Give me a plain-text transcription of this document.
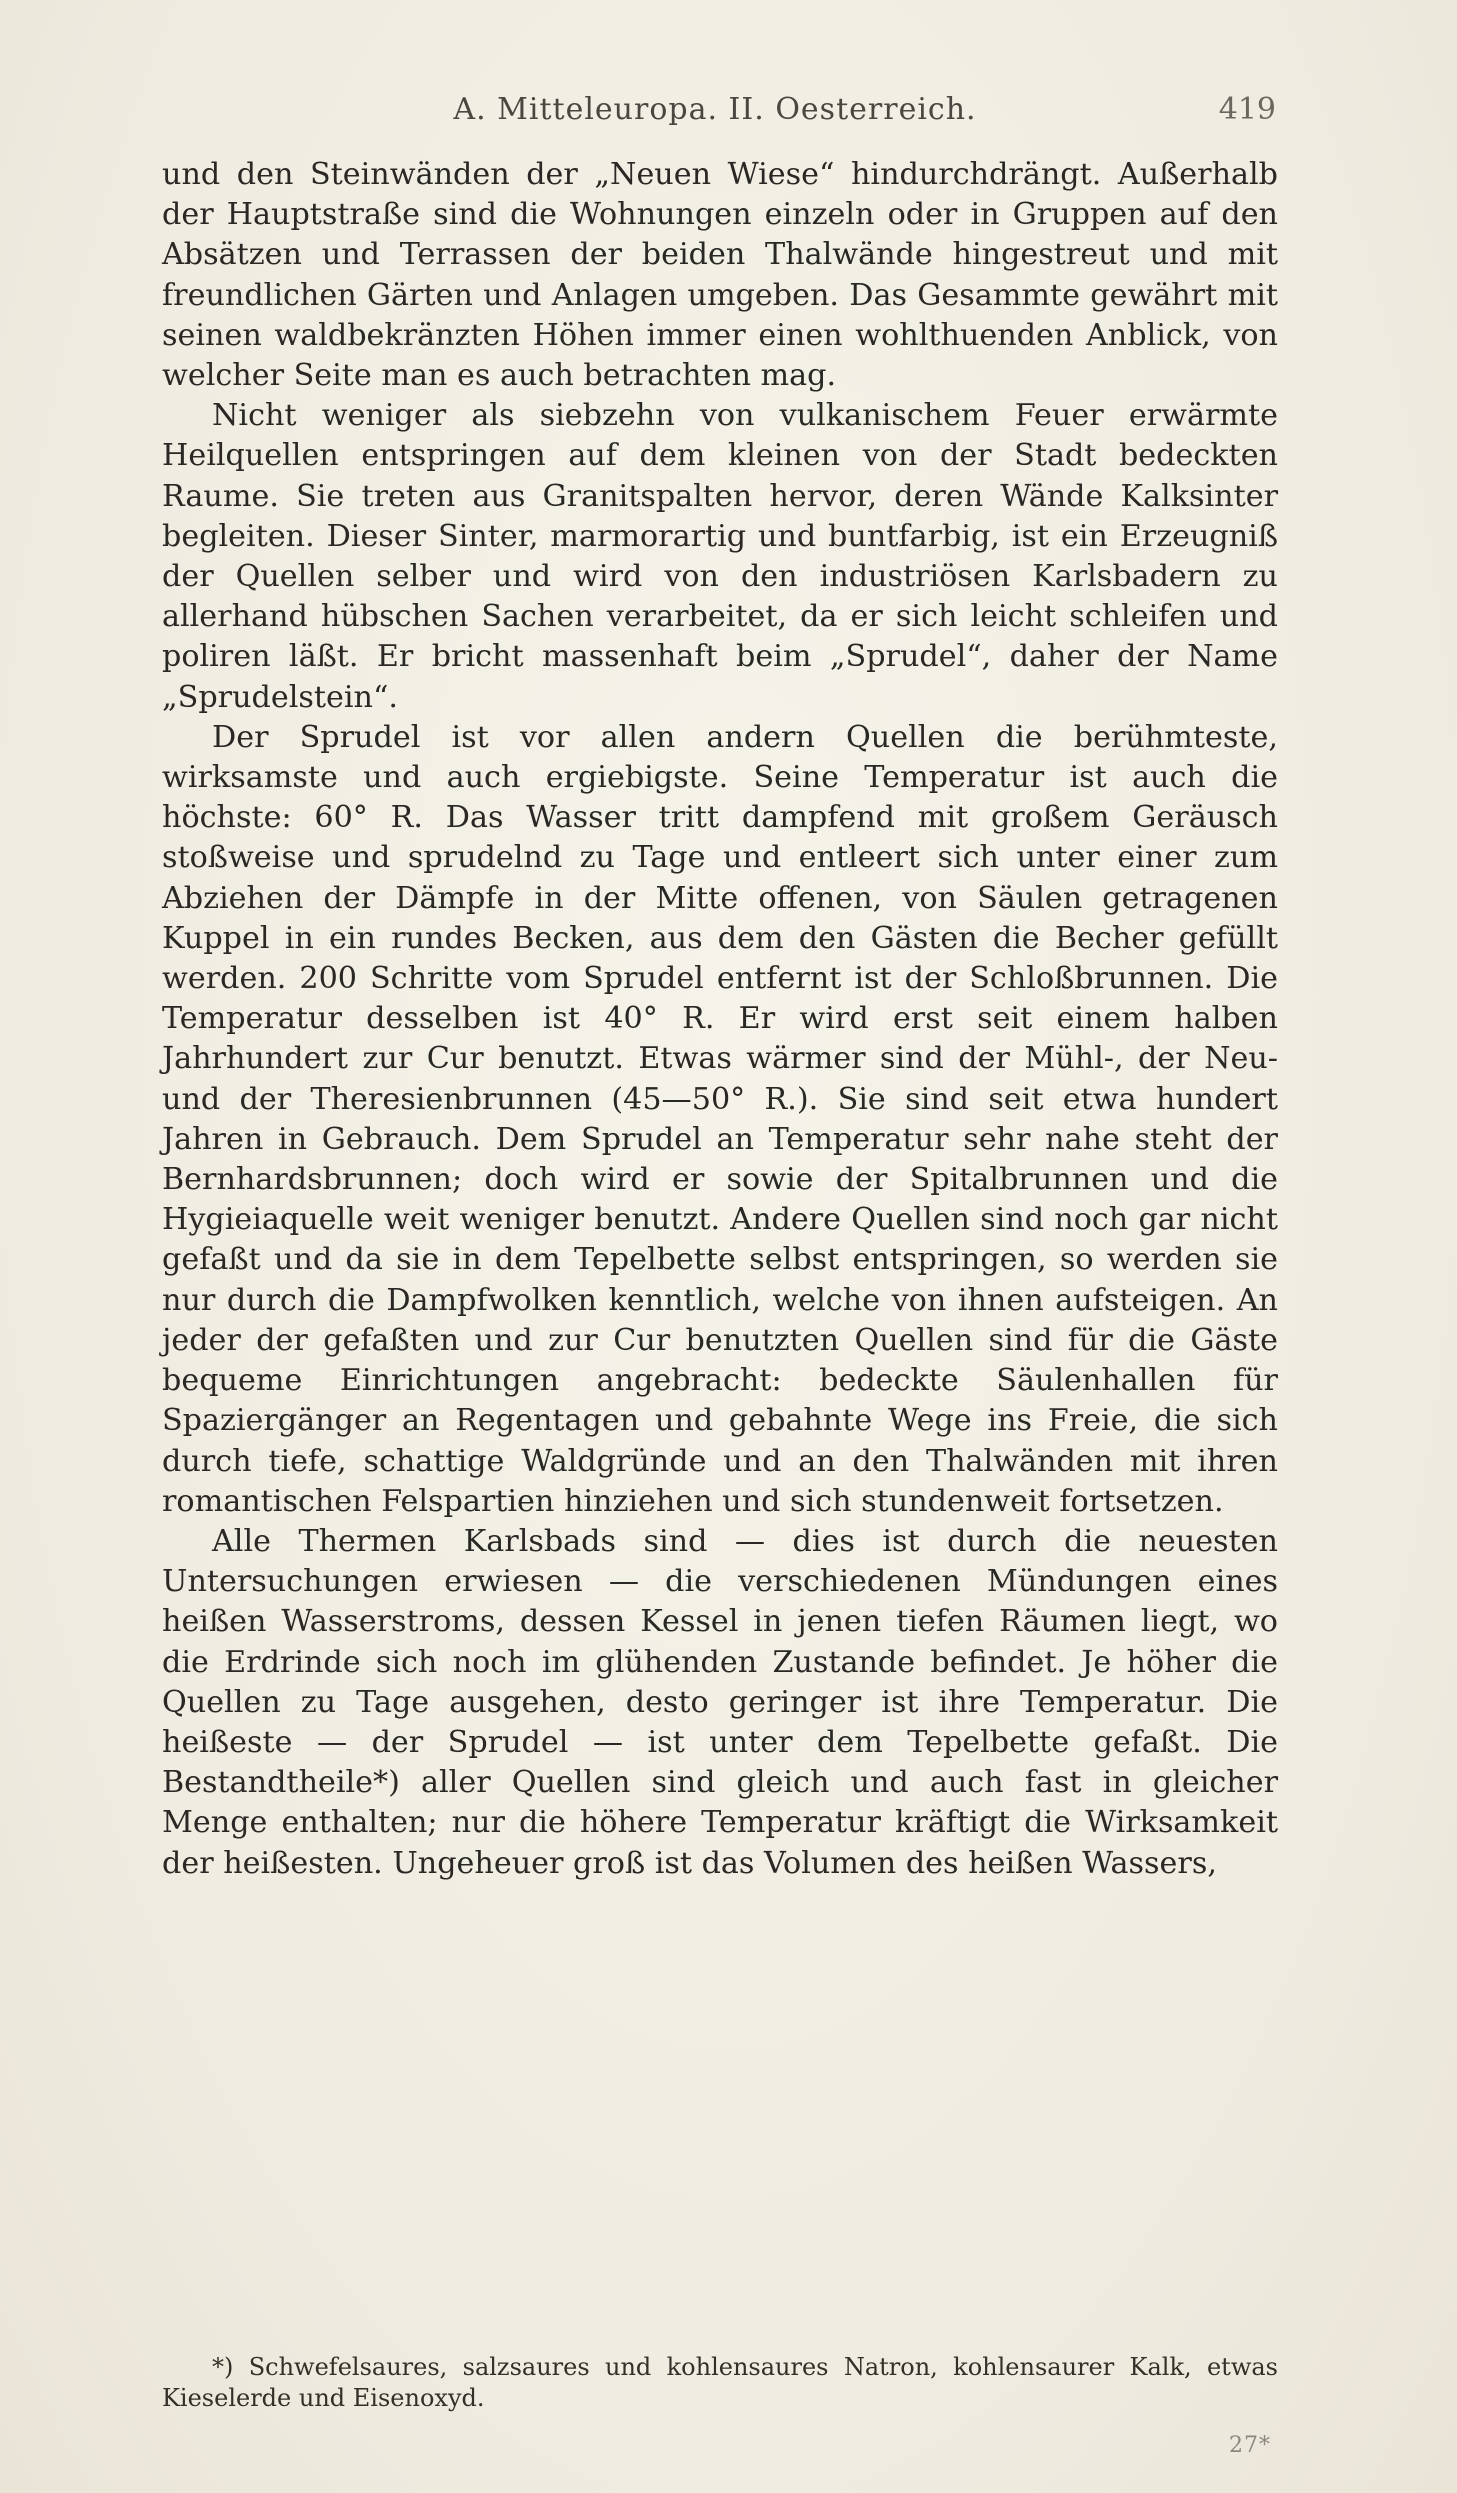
A. Mitteleuropa. II. Oesterreich.	419

und den Steinwänden der „Neuen Wiese“ hindurchdrängt. Außerhalb der Hauptstraße sind die Wohnungen einzeln oder in Gruppen auf den Absätzen und Terrassen der beiden Thalwände hingestreut und mit freundlichen Gärten und Anlagen umgeben. Das Gesammte gewährt mit seinen waldbekränzten Höhen immer einen wohlthuenden Anblick, von welcher Seite man es auch betrachten mag.

Nicht weniger als siebzehn von vulkanischem Feuer erwärmte Heilquellen entspringen auf dem kleinen von der Stadt bedeckten Raume. Sie treten aus Granitspalten hervor, deren Wände Kalksinter begleiten. Dieser Sinter, marmorartig und buntfarbig, ist ein Erzeugniß der Quellen selber und wird von den industriösen Karlsbadern zu allerhand hübschen Sachen verarbeitet, da er sich leicht schleifen und poliren läßt. Er bricht massenhaft beim „Sprudel“, daher der Name „Sprudelstein“.

Der Sprudel ist vor allen andern Quellen die berühmteste, wirksamste und auch ergiebigste. Seine Temperatur ist auch die höchste: 60° R. Das Wasser tritt dampfend mit großem Geräusch stoßweise und sprudelnd zu Tage und entleert sich unter einer zum Abziehen der Dämpfe in der Mitte offenen, von Säulen getragenen Kuppel in ein rundes Becken, aus dem den Gästen die Becher gefüllt werden. 200 Schritte vom Sprudel entfernt ist der Schloßbrunnen. Die Temperatur desselben ist 40° R. Er wird erst seit einem halben Jahrhundert zur Cur benutzt. Etwas wärmer sind der Mühl-, der Neu- und der Theresienbrunnen (45—50° R.). Sie sind seit etwa hundert Jahren in Gebrauch. Dem Sprudel an Temperatur sehr nahe steht der Bernhardsbrunnen; doch wird er sowie der Spitalbrunnen und die Hygieiaquelle weit weniger benutzt. Andere Quellen sind noch gar nicht gefaßt und da sie in dem Tepelbette selbst entspringen, so werden sie nur durch die Dampfwolken kenntlich, welche von ihnen aufsteigen. An jeder der gefaßten und zur Cur benutzten Quellen sind für die Gäste bequeme Einrichtungen angebracht: bedeckte Säulenhallen für Spaziergänger an Regentagen und gebahnte Wege ins Freie, die sich durch tiefe, schattige Waldgründe und an den Thalwänden mit ihren romantischen Felspartien hinziehen und sich stundenweit fortsetzen.

Alle Thermen Karlsbads sind — dies ist durch die neuesten Untersuchungen erwiesen — die verschiedenen Mündungen eines heißen Wasserstroms, dessen Kessel in jenen tiefen Räumen liegt, wo die Erdrinde sich noch im glühenden Zustande befindet. Je höher die Quellen zu Tage ausgehen, desto geringer ist ihre Temperatur. Die heißeste — der Sprudel — ist unter dem Tepelbette gefaßt. Die Bestandtheile*) aller Quellen sind gleich und auch fast in gleicher Menge enthalten; nur die höhere Temperatur kräftigt die Wirksamkeit der heißesten. Ungeheuer groß ist das Volumen des heißen Wassers,

*) Schwefelsaures, salzsaures und kohlensaures Natron, kohlensaurer Kalk, etwas Kieselerde und Eisenoxyd.

27*
